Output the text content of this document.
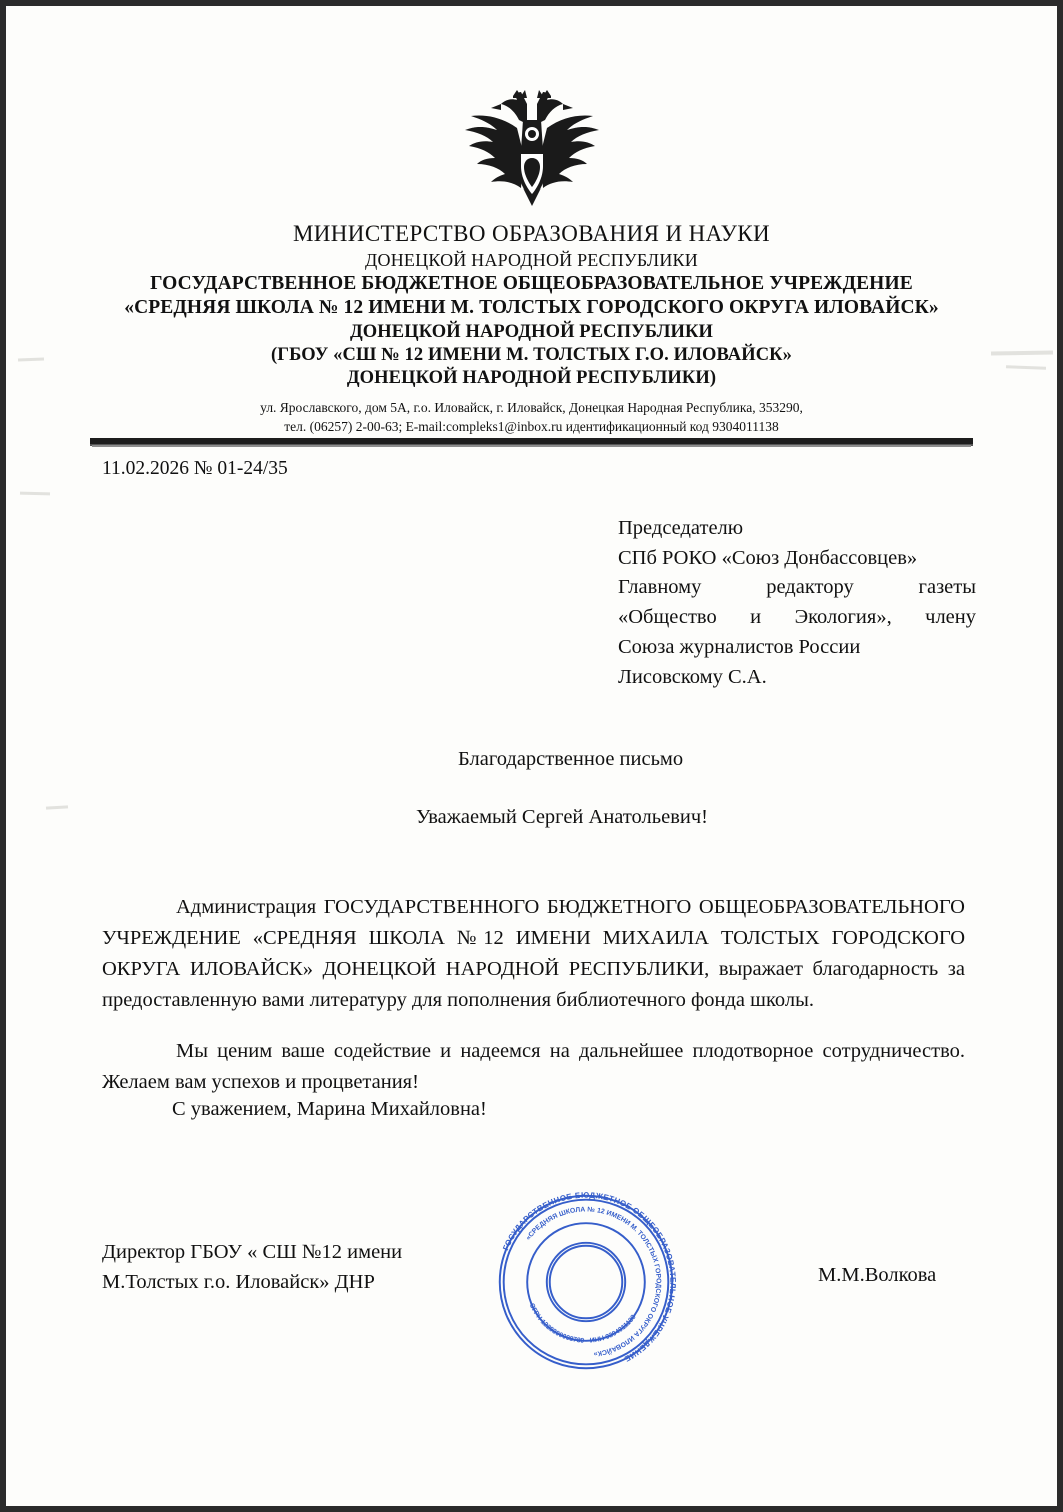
МИНИСТЕРСТВО ОБРАЗОВАНИЯ И НАУКИ
ДОНЕЦКОЙ НАРОДНОЙ РЕСПУБЛИКИ
ГОСУДАРСТВЕННОЕ БЮДЖЕТНОЕ ОБЩЕОБРАЗОВАТЕЛЬНОЕ УЧРЕЖДЕНИЕ
«СРЕДНЯЯ ШКОЛА № 12 ИМЕНИ М. ТОЛСТЫХ ГОРОДСКОГО ОКРУГА ИЛОВАЙСК»
ДОНЕЦКОЙ НАРОДНОЙ РЕСПУБЛИКИ
(ГБОУ «СШ № 12 ИМЕНИ М. ТОЛСТЫХ Г.О. ИЛОВАЙСК»
ДОНЕЦКОЙ НАРОДНОЙ РЕСПУБЛИКИ)
ул. Ярославского, дом 5А, г.о. Иловайск, г. Иловайск, Донецкая Народная Республика, 353290,
тел. (06257) 2-00-63; E-mail:compleks1@inbox.ru идентификационный код 9304011138
11.02.2026 № 01-24/35
Председателю
СПб РОКО «Союз Донбассовцев»
Главному редактору газеты
«Общество и Экология», члену
Союза журналистов России
Лисовскому С.А.
Благодарственное письмо
Уважаемый Сергей Анатольевич!
Администрация ГОСУДАРСТВЕННОГО БЮДЖЕТНОГО ОБЩЕОБРАЗОВАТЕЛЬНОГО УЧРЕЖДЕНИЕ «СРЕДНЯЯ ШКОЛА №12 ИМЕНИ МИХАИЛА ТОЛСТЫХ ГОРОДСКОГО ОКРУГА ИЛОВАЙСК» ДОНЕЦКОЙ НАРОДНОЙ РЕСПУБЛИКИ, выражает благодарность за предоставленную вами литературу для пополнения библиотечного фонда школы.
Мы ценим ваше содействие и надеемся на дальнейшее плодотворное сотрудничество. Желаем вам успехов и процветания!
С уважением, Марина Михайловна!
Директор ГБОУ « СШ №12 имени
М.Толстых г.о. Иловайск» ДНР	М.М.Волкова
ГОСУДАРСТВЕННОЕ БЮДЖЕТНОЕ ОБЩЕОБРАЗОВАТЕЛЬНОЕ УЧРЕЖДЕНИЕ
«СРЕДНЯЯ ШКОЛА № 12 ИМЕНИ М. ТОЛСТЫХ ГОРОДСКОГО ОКРУГА ИЛОВАЙСК»
ОГРН 1229300008789 · ИНН 9304011138
